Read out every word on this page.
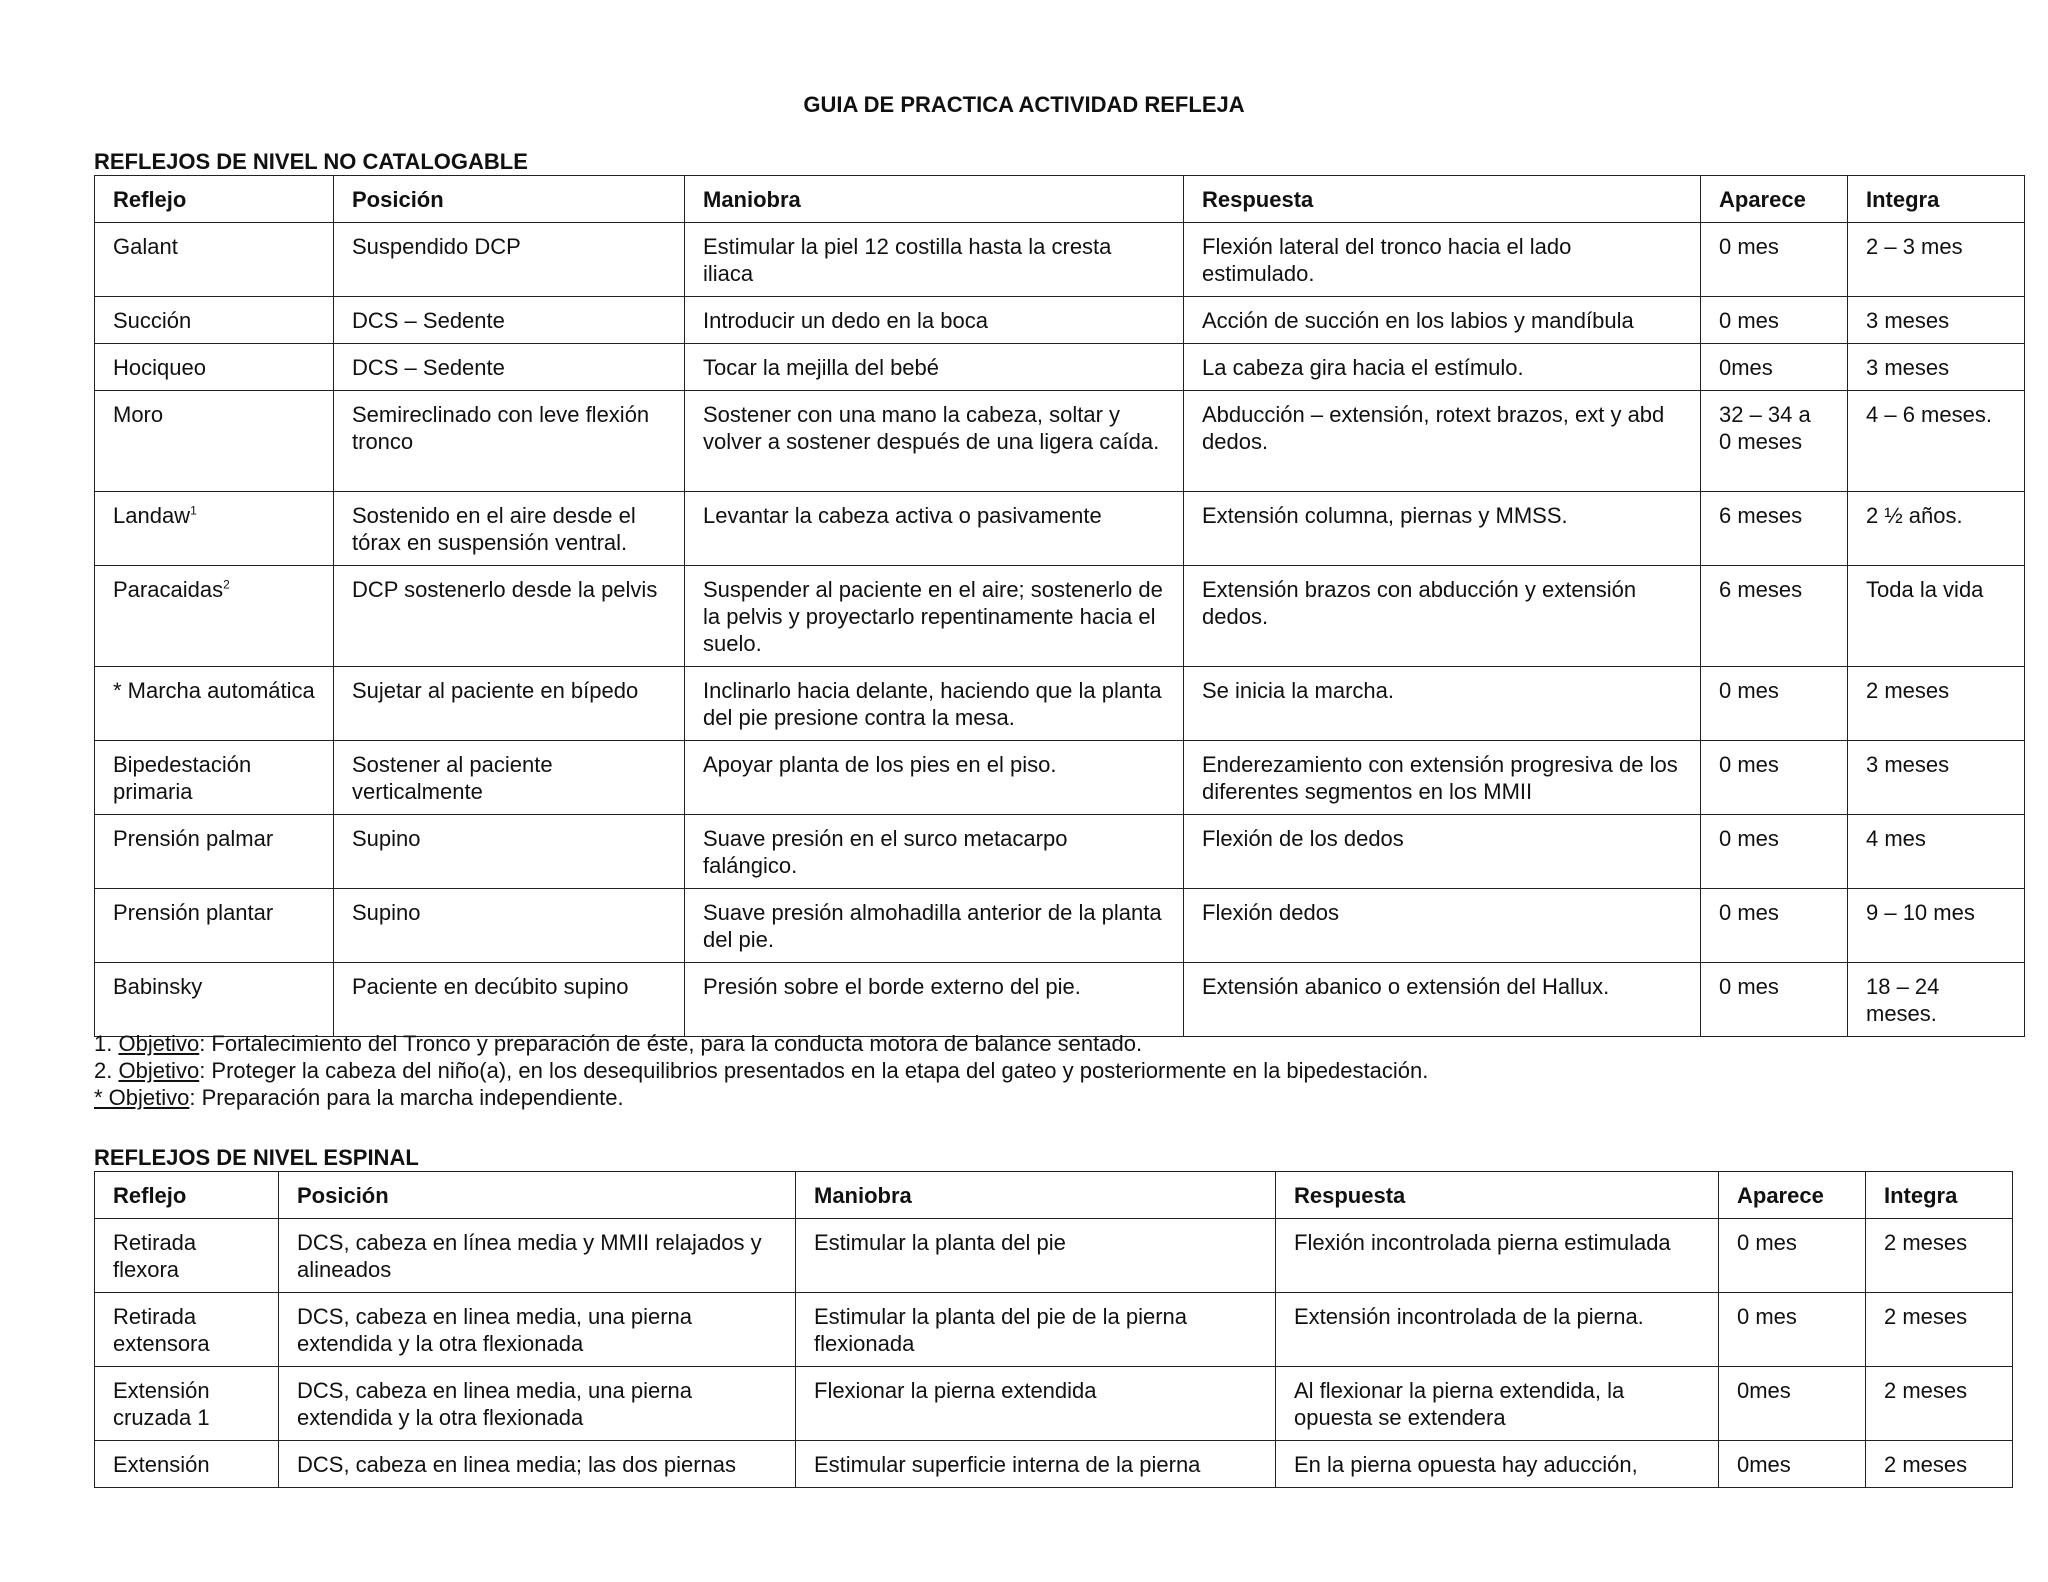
GUIA DE PRACTICA ACTIVIDAD REFLEJA
REFLEJOS DE NIVEL NO CATALOGABLE
Reflejo	Posición	Maniobra	Respuesta	Aparece	Integra
Galant	Suspendido DCP	Estimular la piel 12 costilla hasta la cresta iliaca	Flexión lateral del tronco hacia el lado estimulado.	0 mes	2 – 3 mes
Succión	DCS – Sedente	Introducir un dedo en la boca	Acción de succión en los labios y mandíbula	0 mes	3 meses
Hociqueo	DCS – Sedente	Tocar la mejilla del bebé	La cabeza gira hacia el estímulo.	0mes	3 meses
Moro	Semireclinado con leve flexión tronco	Sostener con una mano la cabeza, soltar y volver a sostener después de una ligera caída.	Abducción – extensión, rotext brazos, ext y abd dedos.	32 – 34 a 0 meses	4 – 6 meses.
Landaw$^1$	Sostenido en el aire desde el tórax en suspensión ventral.	Levantar la cabeza activa o pasivamente	Extensión columna, piernas y MMSS.	6 meses	2 ½ años.
Paracaidas$^2$	DCP sostenerlo desde la pelvis	Suspender al paciente en el aire; sostenerlo de la pelvis y proyectarlo repentinamente hacia el suelo.	Extensión brazos con abducción y extensión dedos.	6 meses	Toda la vida
* Marcha automática	Sujetar al paciente en bípedo	Inclinarlo hacia delante, haciendo que la planta del pie presione contra la mesa.	Se inicia la marcha.	0 mes	2 meses
Bipedestación primaria	Sostener al paciente verticalmente	Apoyar planta de los pies en el piso.	Enderezamiento con extensión progresiva de los diferentes segmentos en los MMII	0 mes	3 meses
Prensión palmar	Supino	Suave presión en el surco metacarpo falángico.	Flexión de los dedos	0 mes	4 mes
Prensión plantar	Supino	Suave presión almohadilla anterior de la planta del pie.	Flexión dedos	0 mes	9 – 10 mes
Babinsky	Paciente en decúbito supino	Presión sobre el borde externo del pie.	Extensión abanico o extensión del Hallux.	0 mes	18 – 24 meses.
1. Objetivo: Fortalecimiento del Tronco y preparación de éste, para la conducta motora de balance sentado.
2. Objetivo: Proteger la cabeza del niño(a), en los desequilibrios presentados en la etapa del gateo y posteriormente en la bipedestación.
* Objetivo: Preparación para la marcha independiente.
REFLEJOS DE NIVEL ESPINAL
Reflejo	Posición	Maniobra	Respuesta	Aparece	Integra
Retirada flexora	DCS, cabeza en línea media y MMII relajados y alineados	Estimular la planta del pie	Flexión incontrolada pierna estimulada	0 mes	2 meses
Retirada extensora	DCS, cabeza en linea media, una pierna extendida y la otra flexionada	Estimular la planta del pie de la pierna flexionada	Extensión incontrolada de la pierna.	0 mes	2 meses
Extensión cruzada 1	DCS, cabeza en linea media, una pierna extendida y la otra flexionada	Flexionar la pierna extendida	Al flexionar la pierna extendida, la opuesta se extendera	0mes	2 meses
Extensión	DCS, cabeza en linea media; las dos piernas	Estimular superficie interna de la pierna	En la pierna opuesta hay aducción,	0mes	2 meses
